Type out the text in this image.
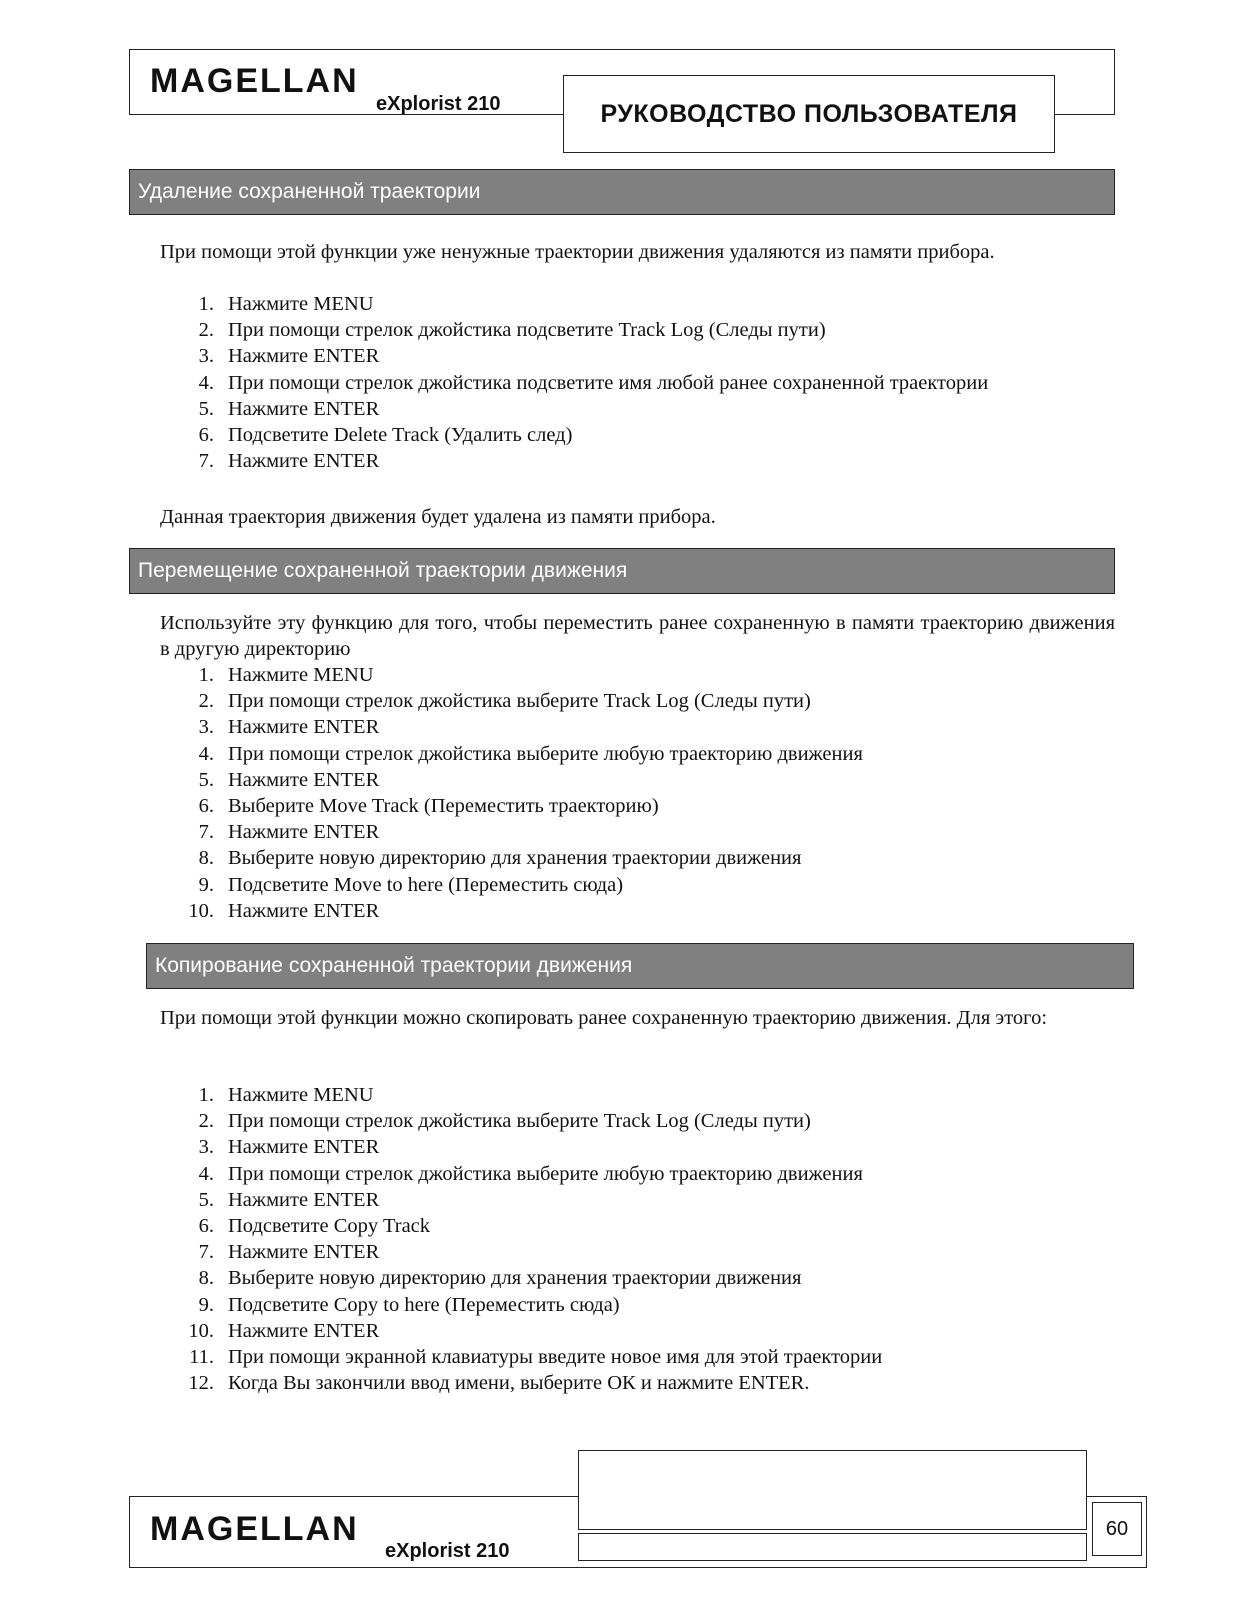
MAGELLAN
eXplorist 210	РУКОВОДСТВО ПОЛЬЗОВАТЕЛЯ
Удаление сохраненной траектории
При помощи этой функции уже ненужные траектории движения удаляются из памяти прибора.
1. Нажмите MENU
2. При помощи стрелок джойстика подсветите Track Log (Следы пути)
3. Нажмите ENTER
4. При помощи стрелок джойстика подсветите имя любой ранее сохраненной траектории
5. Нажмите ENTER
6. Подсветите Delete Track (Удалить след)
7. Нажмите ENTER
Данная траектория движения будет удалена из памяти прибора.
Перемещение сохраненной траектории движения
Используйте эту функцию для того, чтобы переместить ранее сохраненную в памяти траекторию движения в другую директорию
1. Нажмите MENU
2. При помощи стрелок джойстика выберите Track Log (Следы пути)
3. Нажмите ENTER
4. При помощи стрелок джойстика выберите любую траекторию движения
5. Нажмите ENTER
6. Выберите Move Track (Переместить траекторию)
7. Нажмите ENTER
8. Выберите новую директорию для хранения траектории движения
9. Подсветите Move to here (Переместить сюда)
10. Нажмите ENTER
Копирование сохраненной траектории движения
При помощи этой функции можно скопировать ранее сохраненную траекторию движения. Для этого:
1. Нажмите MENU
2. При помощи стрелок джойстика выберите Track Log (Следы пути)
3. Нажмите ENTER
4. При помощи стрелок джойстика выберите любую траекторию движения
5. Нажмите ENTER
6. Подсветите Copy Track
7. Нажмите ENTER
8. Выберите новую директорию для хранения траектории движения
9. Подсветите Copy to here (Переместить сюда)
10. Нажмите ENTER
11. При помощи экранной клавиатуры введите новое имя для этой траектории
12. Когда Вы закончили ввод имени, выберите ОК и нажмите ENTER.
MAGELLAN
eXplorist 210
60
